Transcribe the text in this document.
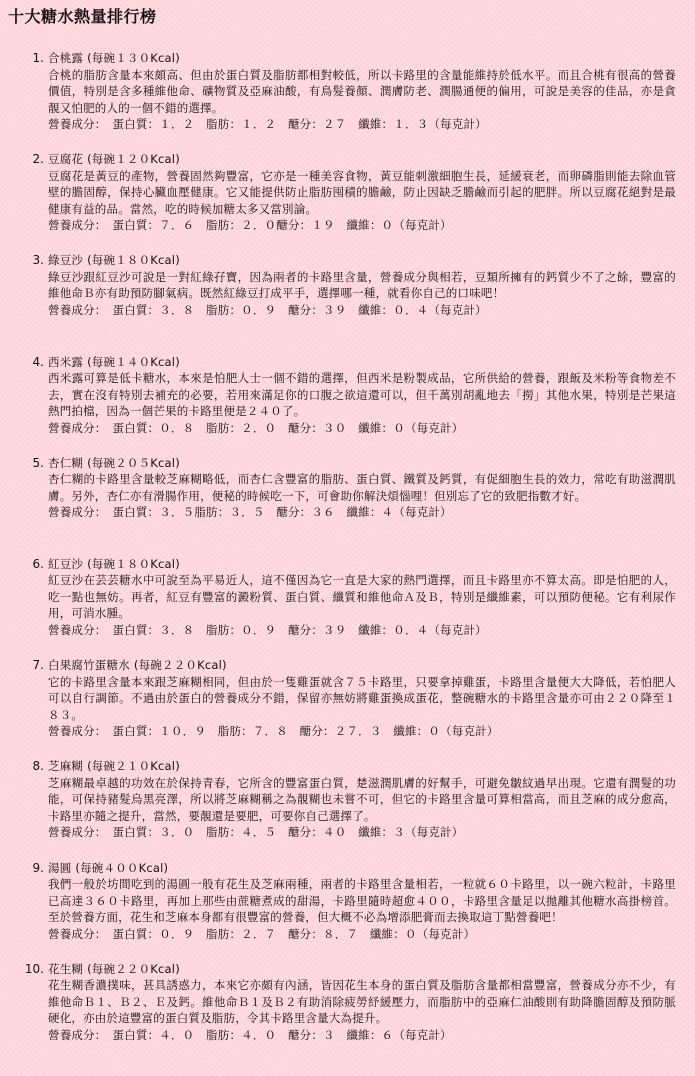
十大糖水熱量排行榜
1. 合桃露 (每碗１３０Kcal)

合桃的脂肪含量本來頗高、但由於蛋白質及脂肪都相對較低，所以卡路里的含量能維持於低水平。而且合桃有很高的營養價值，特別是含多種維他命、礦物質及亞麻油酸，有鳥髮養顏、潤膚防老、潤腸通便的偏用，可說是美容的佳品，亦是貪靚又怕肥的人的一個不錯的選擇。

營養成分：　蛋白質：１．２　脂肪：１．２　醣分：２７　纖維：１．３（每克計）
2. 豆腐花 (每碗１２０Kcal)

豆腐花是黃豆的產物，營養固然夠豐富，它亦是一種美容食物，黃豆能刺激細胞生長，延緩衰老，而卵磷脂則能去除血管壁的膽固醇，保持心臟血壓健康。它又能提供防止脂肪囤積的膽鹼，防止因缺乏膽鹼而引起的肥胖。所以豆腐花絕對是最健康有益的品。當然，吃的時候加糖太多又當別論。

營養成分：　蛋白質：７．６　脂肪：２．０醣分：１９　纖維：０（每克計）
3. 綠豆沙 (每碗１８０Kcal)

綠豆沙跟紅豆沙可說是一對紅綠孖寶，因為兩者的卡路里含量，營養成分與相若，豆類所擁有的鈣質少不了之餘，豐富的維他命Ｂ亦有助預防腳氣病。既然紅綠豆打成平手，選擇哪一種，就看你自己的口味吧！

營養成分：　蛋白質：３．８　脂肪：０．９　醣分：３９　纖維：０．４（每克計）
4. 西米露 (每碗１４０Kcal)

西米露可算是低卡糖水，本來是怕肥人士一個不錯的選擇，但西米是粉製成品，它所供給的營養，跟飯及米粉等食物差不去，實在沒有特別去補充的必要，若用來滿足你的口腹之欲這還可以，但千萬別胡亂地去「撈」其他水果，特別是芒果這熱門拍檔，因為一個芒果的卡路里便是２４０了。

營養成分：　蛋白質：０．８　脂肪：２．０　醣分：３０　纖維：０（每克計）
5. 杏仁糊 (每碗２０５Kcal)

杏仁糊的卡路里含量較芝麻糊略低，而杏仁含豐富的脂肪、蛋白質、鐵質及鈣質，有促細胞生長的效力，常吃有助滋潤肌膚。另外，杏仁亦有滑腸作用，便秘的時候吃一下，可會助你解決煩惱哩！但別忘了它的致肥指數才好。

營養成分：　蛋白質：３．５脂肪：３．５　醣分：３６　纖維：４（每克計）
6. 紅豆沙 (每碗１８０Kcal)

紅豆沙在芸芸糖水中可說至為平易近人，這不僅因為它一直是大家的熱門選擇，而且卡路里亦不算太高。即是怕肥的人，吃一點也無妨。再者，紅豆有豐富的澱粉質、蛋白質、纖質和維他命Ａ及Ｂ，特別是纖維素，可以預防便秘。它有利尿作用，可消水腫。

營養成分：　蛋白質：３．８　脂肪：０．９　醣分：３９　纖維：０．４（每克計）
7. 白果腐竹蛋糖水 (每碗２２０Kcal)

它的卡路里含量本來跟芝麻糊相同，但由於一隻雞蛋就含７５卡路里，只要拿掉雞蛋，卡路里含量便大大降低，若怕肥人可以自行調節。不過由於蛋白的營養成分不錯，保留亦無妨將雞蛋換成蛋花，整碗糖水的卡路里含量亦可由２２０降至１８３。

營養成分：　蛋白質：１０．９　脂肪：７．８　醣分：２７．３　纖維：０（每克計）
8. 芝麻糊 (每碗２１０Kcal)

芝麻糊最卓越的功效在於保持青春，它所含的豐富蛋白質，楚滋潤肌膚的好幫手，可避免皺紋過早出現。它還有潤髮的功能，可保持豬髮烏黑亮澤，所以將芝麻糊稱之為靚糊也未嘗不可，但它的卡路里含量可算相當高，而且芝麻的成分愈高，卡路里亦隨之提升，當然，要靚還是要肥，可要你自己選擇了。

營養成分：　蛋白質：３．０　脂肪：４．５　醣分：４０　纖維：３（每克計）
9. 湯圓 (每碗４００Kcal)

我們一般於坊間吃到的湯圓一般有花生及芝麻兩種，兩者的卡路里含量相若，一粒就６０卡路里，以一碗六粒計，卡路里已高達３６０卡路里，再加上那些由蔗糖煮成的甜湯，卡路里隨時超愈４００，卡路里含量足以拋離其他糖水高掛榜首。至於營養方面，花生和芝麻本身都有很豐富的營養，但大概不必為增添肥膏而去換取這丁點營養吧！

營養成分：　蛋白質：０．９　脂肪：２．７　醣分：８．７　纖維：０（每克計）
10. 花生糊 (每碗２２０Kcal)

花生糊香濃撲味，甚具誘惑力，本來它亦頗有內涵，皆因花生本身的蛋白質及脂肪含量都相當豐富，營養成分亦不少，有維他命Ｂ１、Ｂ２、Ｅ及鈣。維他命Ｂ１及Ｂ２有助消除疲勞紓緩壓力，而脂肪中的亞麻仁油酸則有助降膽固醇及預防脈硬化，亦由於這豐富的蛋白質及脂肪，令其卡路里含量大為提升。

營養成分：　蛋白質：４．０　脂肪：４．０　醣分：３　纖維：６（每克計）
